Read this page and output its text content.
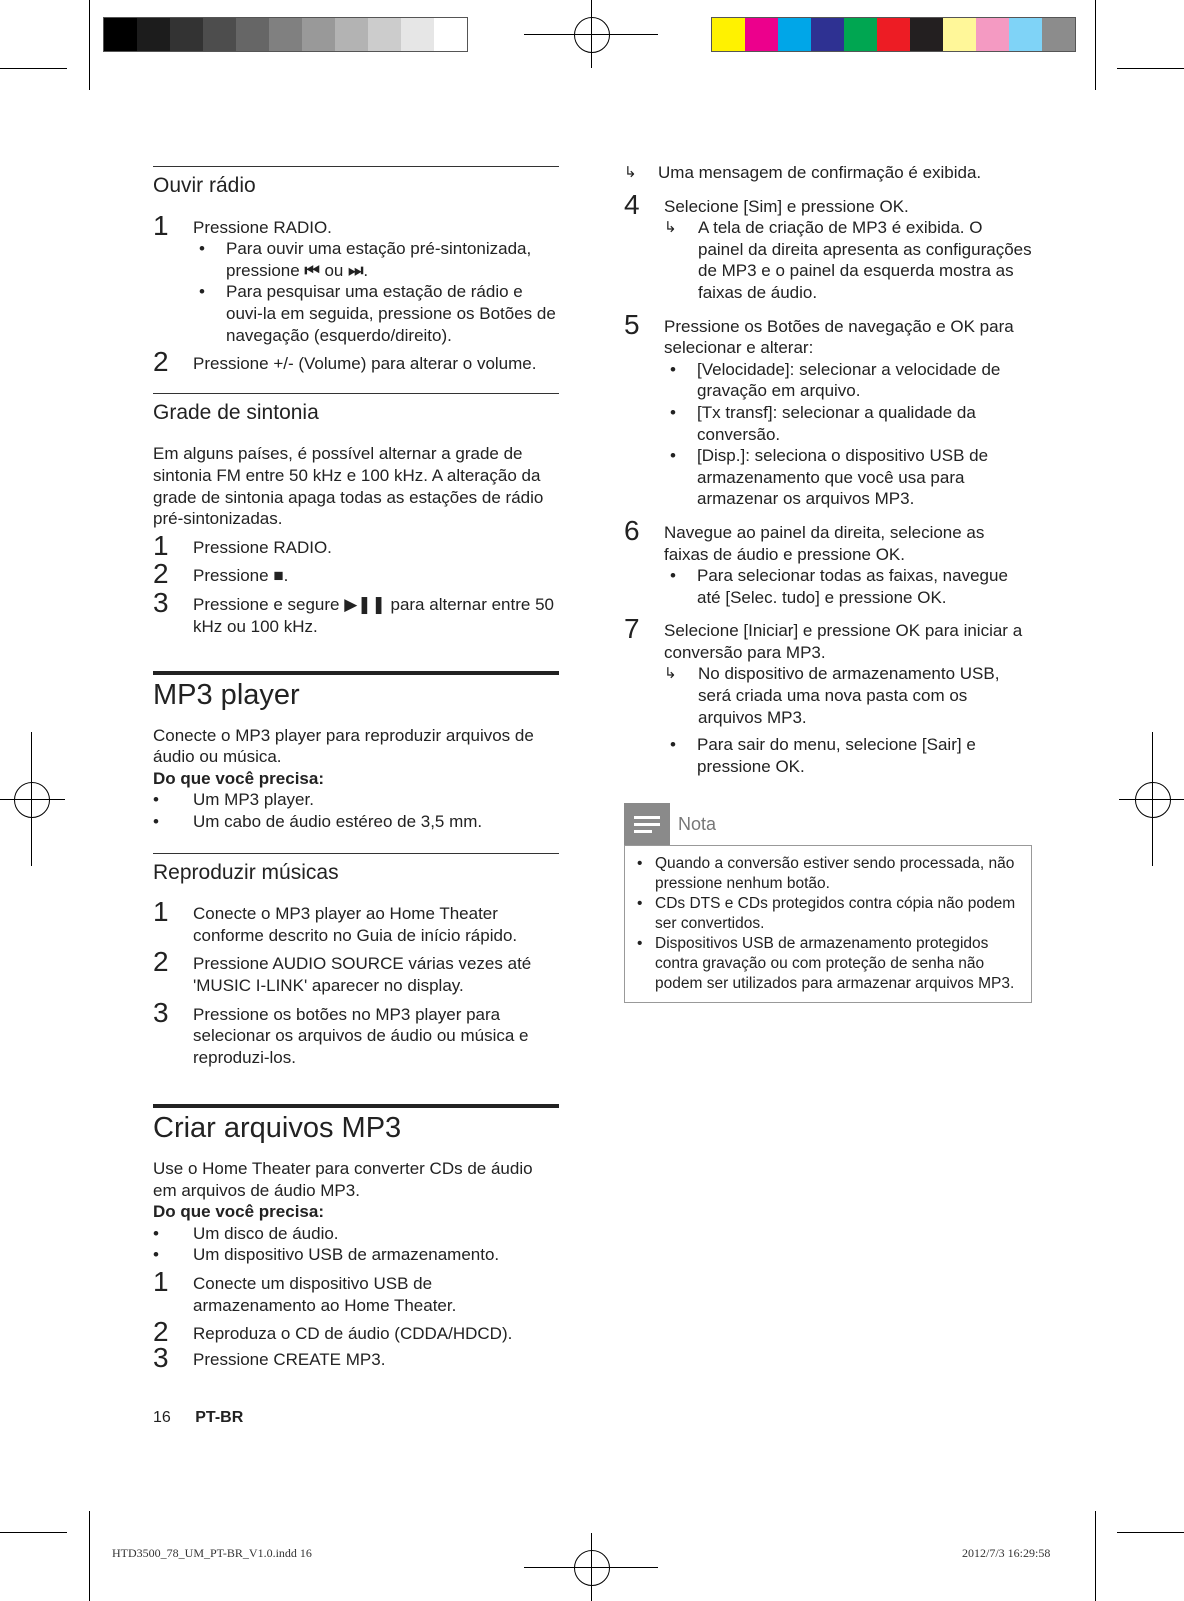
Ouvir rádio
1 Pressione RADIO.
• Para ouvir uma estação pré-sintonizada, pressione ⏮ ou ⏭.
• Para pesquisar uma estação de rádio e ouvi-la em seguida, pressione os Botões de navegação (esquerdo/direito).
2 Pressione +/- (Volume) para alterar o volume.
Grade de sintonia

Em alguns países, é possível alternar a grade de sintonia FM entre 50 kHz e 100 kHz. A alteração da grade de sintonia apaga todas as estações de rádio pré-sintonizadas.

1 Pressione RADIO.
2 Pressione ■.
3 Pressione e segure ▶❚❚ para alternar entre 50 kHz ou 100 kHz.
MP3 player

Conecte o MP3 player para reproduzir arquivos de áudio ou música.

Do que você precisa:

• Um MP3 player.
• Um cabo de áudio estéreo de 3,5 mm.
Reproduzir músicas
1 Conecte o MP3 player ao Home Theater conforme descrito no Guia de início rápido.
2 Pressione AUDIO SOURCE várias vezes até 'MUSIC I-LINK' aparecer no display.
3 Pressione os botões no MP3 player para selecionar os arquivos de áudio ou música e reproduzi-los.
Criar arquivos MP3

Use o Home Theater para converter CDs de áudio em arquivos de áudio MP3.

Do que você precisa:

• Um disco de áudio.
• Um dispositivo USB de armazenamento.
1 Conecte um dispositivo USB de armazenamento ao Home Theater.
2 Reproduza o CD de áudio (CDDA/HDCD).
3 Pressione CREATE MP3.
↳ Uma mensagem de confirmação é exibida.
4 Selecione [Sim] e pressione OK.
↳ A tela de criação de MP3 é exibida. O painel da direita apresenta as configurações de MP3 e o painel da esquerda mostra as faixas de áudio.
5 Pressione os Botões de navegação e OK para selecionar e alterar:
• [Velocidade]: selecionar a velocidade de gravação em arquivo.
• [Tx transf]: selecionar a qualidade da conversão.
• [Disp.]: seleciona o dispositivo USB de armazenamento que você usa para armazenar os arquivos MP3.
6 Navegue ao painel da direita, selecione as faixas de áudio e pressione OK.
• Para selecionar todas as faixas, navegue até [Selec. tudo] e pressione OK.
7 Selecione [Iniciar] e pressione OK para iniciar a conversão para MP3.
↳ No dispositivo de armazenamento USB, será criada uma nova pasta com os arquivos MP3.
• Para sair do menu, selecione [Sair] e pressione OK.
Nota
• Quando a conversão estiver sendo processada, não pressione nenhum botão.
• CDs DTS e CDs protegidos contra cópia não podem ser convertidos.
• Dispositivos USB de armazenamento protegidos contra gravação ou com proteção de senha não podem ser utilizados para armazenar arquivos MP3.
16 PT-BR
HTD3500_78_UM_PT-BR_V1.0.indd 16	2012/7/3 16:29:58
